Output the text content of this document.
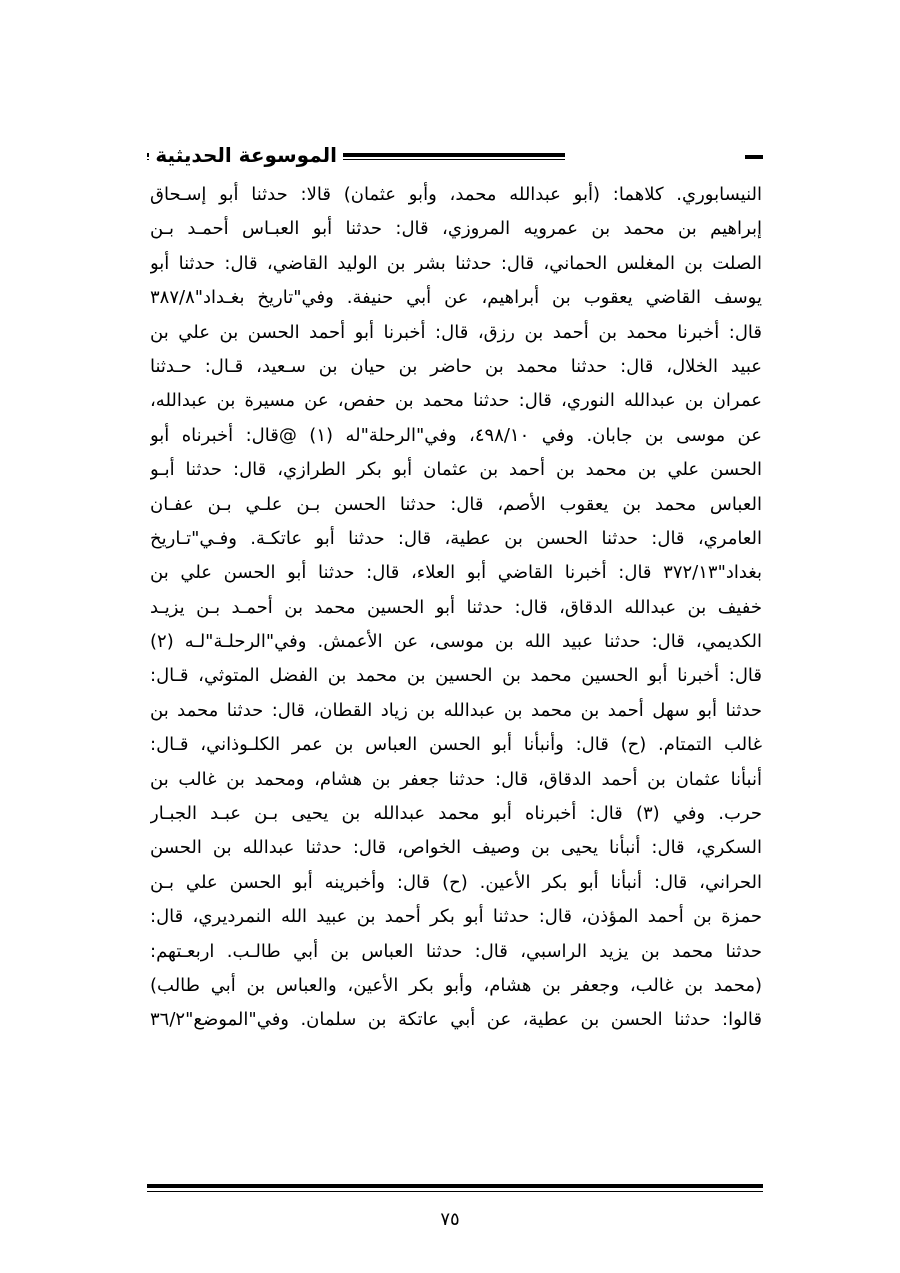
الموسوعة الحديثية
النيسابوري. كلاهما: (أبو عبدالله محمد، وأبو عثمان) قالا: حدثنا أبو إسـحاق
إبراهيم بن محمد بن عمرويه المروزي، قال: حدثنا أبو العبـاس أحمـد بـن
الصلت بن المغلس الحماني، قال: حدثنا بشر بن الوليد القاضي، قال: حدثنا أبو
يوسف القاضي يعقوب بن أبراهيم، عن أبي حنيفة. وفي"تاريخ بغـداد"٣٨٧/٨
قال: أخبرنا محمد بن أحمد بن رزق، قال: أخبرنا أبو أحمد الحسن بن علي بن
عبيد الخلال، قال: حدثنا محمد بن حاضر بن حيان بن سـعيد، قـال: حـدثنا
عمران بن عبدالله النوري، قال: حدثنا محمد بن حفص، عن مسيرة بن عبدالله،
عن موسى بن جابان. وفي ٤٩٨/١٠، وفي"الرحلة"له (١) @قال: أخبرناه أبو
الحسن علي بن محمد بن أحمد بن عثمان أبو بكر الطرازي، قال: حدثنا أبـو
العباس محمد بن يعقوب الأصم، قال: حدثنا الحسن بـن علـي بـن عفـان
العامري، قال: حدثنا الحسن بن عطية، قال: حدثنا أبو عاتكـة. وفـي"تـاريخ
بغداد"٣٧٢/١٣ قال: أخبرنا القاضي أبو العلاء، قال: حدثنا أبو الحسن علي بن
خفيف بن عبدالله الدقاق، قال: حدثنا أبو الحسين محمد بن أحمـد بـن يزيـد
الكديمي، قال: حدثنا عبيد الله بن موسى، عن الأعمش. وفي"الرحلـة"لـه (٢)
قال: أخبرنا أبو الحسين محمد بن الحسين بن محمد بن الفضل المتوثي، قـال:
حدثنا أبو سهل أحمد بن محمد بن عبدالله بن زياد القطان، قال: حدثنا محمد بن
غالب التمتام. (ح) قال: وأنبأنا أبو الحسن العباس بن عمر الكلـوذاني، قـال:
أنبأنا عثمان بن أحمد الدقاق، قال: حدثنا جعفر بن هشام، ومحمد بن غالب بن
حرب. وفي (٣) قال: أخبرناه أبو محمد عبدالله بن يحيى بـن عبـد الجبـار
السكري، قال: أنبأنا يحيى بن وصيف الخواص، قال: حدثنا عبدالله بن الحسن
الحراني، قال: أنبأنا أبو بكر الأعين. (ح) قال: وأخبرينه أبو الحسن علي بـن
حمزة بن أحمد المؤذن، قال: حدثنا أبو بكر أحمد بن عبيد الله النمرديري، قال:
حدثنا محمد بن يزيد الراسبي، قال: حدثنا العباس بن أبي طالـب. اربعـتهم:
(محمد بن غالب، وجعفر بن هشام، وأبو بكر الأعين، والعباس بن أبي طالب)
قالوا: حدثنا الحسن بن عطية، عن أبي عاتكة بن سلمان. وفي"الموضع"٣٦/٢
٧٥
